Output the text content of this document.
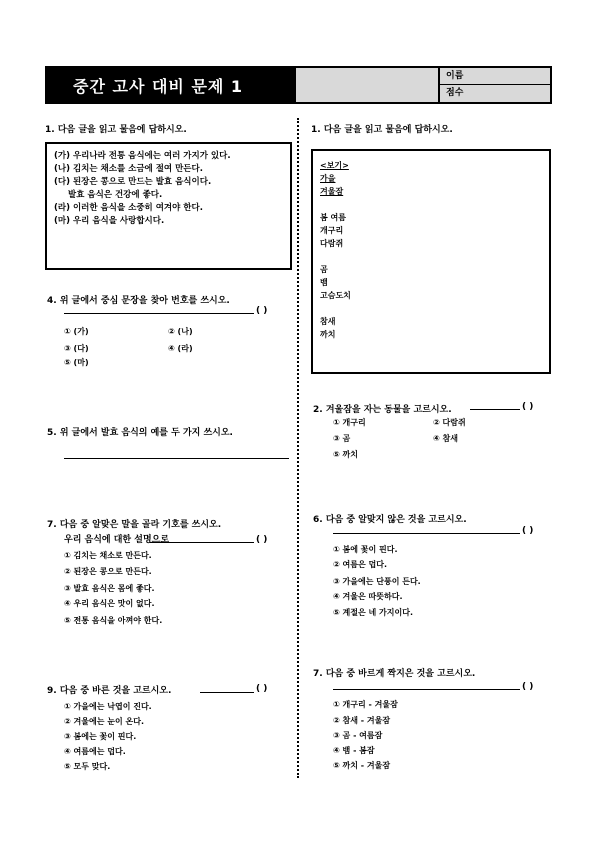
중간 고사 대비 문제 1
이름
점수
1. 다음 글을 읽고 물음에 답하시오.
(가) 우리나라 전통 음식에는 여러 가지가 있다.
(나) 김치는 채소를 소금에 절여 만든다.
(다) 된장은 콩으로 만드는 발효 음식이다.
발효 음식은 건강에 좋다.
(라) 이러한 음식을 소중히 여겨야 한다.
(마) 우리 음식을 사랑합시다.
1. 다음 글을 읽고 물음에 답하시오.
<보기>
가을
겨울잠
봄 여름
개구리
다람쥐
곰
뱀
고슴도치
참새
까치
4. 위 글에서 중심 문장을 찾아 번호를 쓰시오.
( )
① (가)	② (나)
③ (다)	④ (라)
⑤ (마)
5. 위 글에서 발효 음식의 예를 두 가지 쓰시오.
7. 다음 중 알맞은 말을 골라 기호를 쓰시오.
우리 음식에 대한 설명으로	( )
① 김치는 채소로 만든다.
② 된장은 콩으로 만든다.
③ 발효 음식은 몸에 좋다.
④ 우리 음식은 맛이 없다.
⑤ 전통 음식을 아껴야 한다.
9. 다음 중 바른 것을 고르시오.	( )
① 가을에는 낙엽이 진다.
② 겨울에는 눈이 온다.
③ 봄에는 꽃이 핀다.
④ 여름에는 덥다.
⑤ 모두 맞다.
2. 겨울잠을 자는 동물을 고르시오.	( )
① 개구리	② 다람쥐
③ 곰	④ 참새
⑤ 까치
6. 다음 중 알맞지 않은 것을 고르시오.
( )
① 봄에 꽃이 핀다.
② 여름은 덥다.
③ 가을에는 단풍이 든다.
④ 겨울은 따뜻하다.
⑤ 계절은 네 가지이다.
7. 다음 중 바르게 짝지은 것을 고르시오.
( )
① 개구리 - 겨울잠
② 참새 - 겨울잠
③ 곰 - 여름잠
④ 뱀 - 봄잠
⑤ 까치 - 겨울잠
